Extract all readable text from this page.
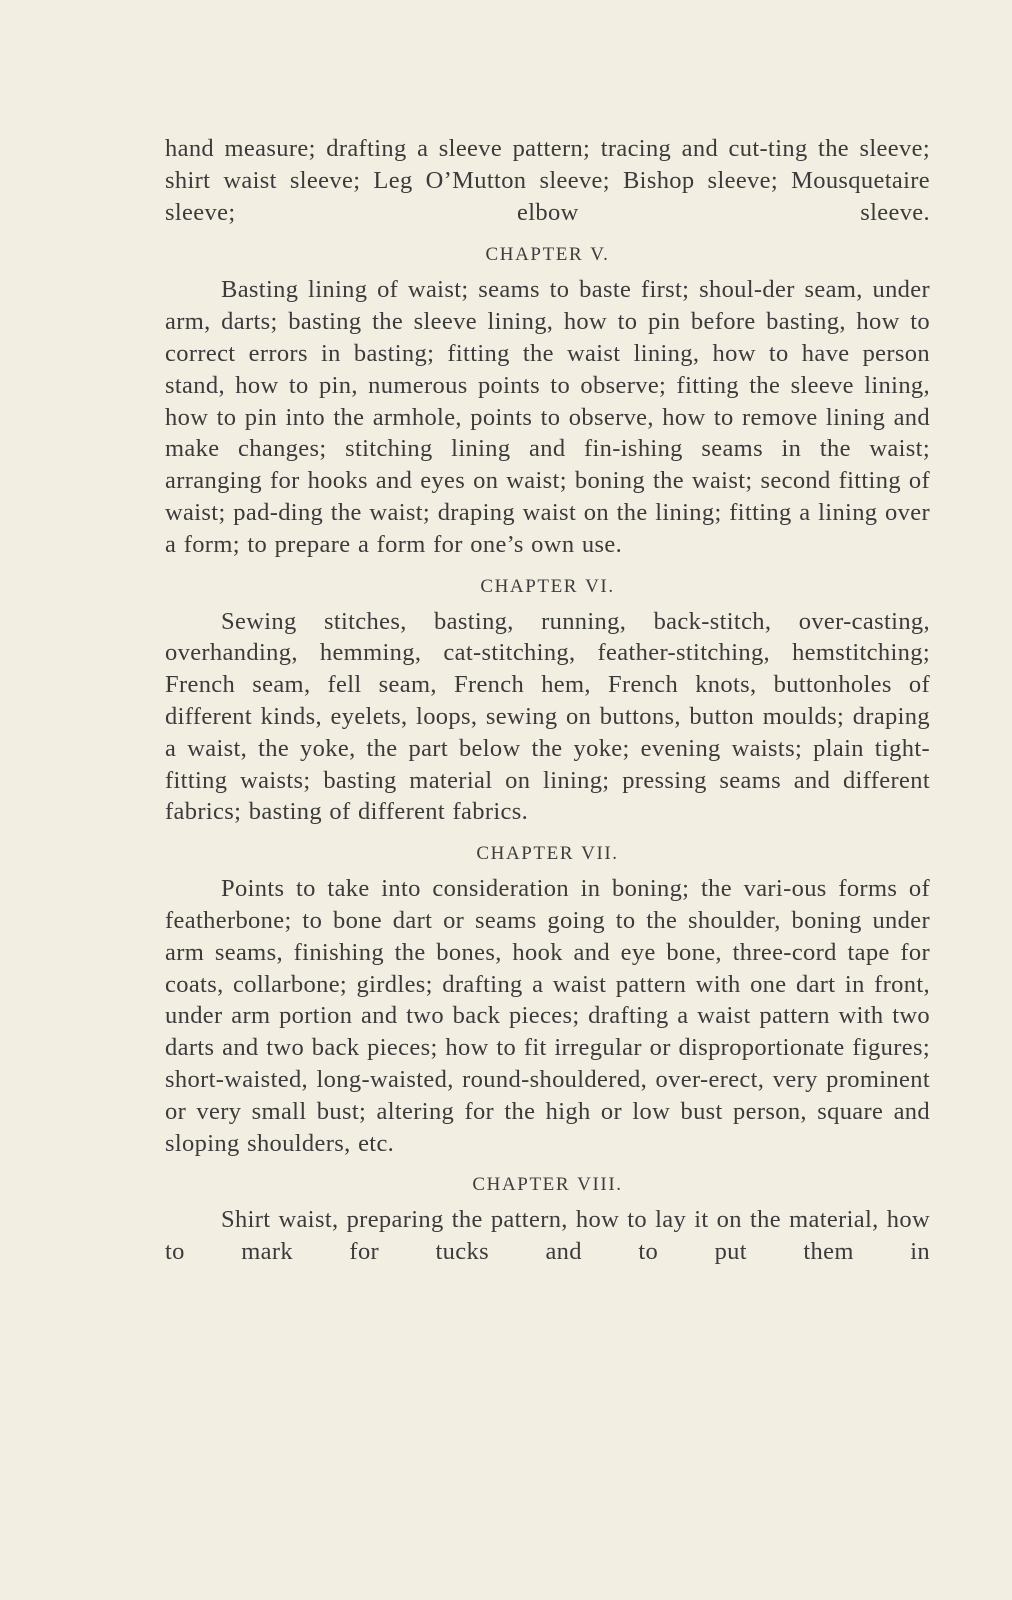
hand measure; drafting a sleeve pattern; tracing and cut-ting the sleeve; shirt waist sleeve; Leg O’Mutton sleeve; Bishop sleeve; Mousquetaire sleeve; elbow sleeve.

CHAPTER V.

Basting lining of waist; seams to baste first; shoul-der seam, under arm, darts; basting the sleeve lining, how to pin before basting, how to correct errors in basting; fitting the waist lining, how to have person stand, how to pin, numerous points to observe; fitting the sleeve lining, how to pin into the armhole, points to observe, how to remove lining and make changes; stitching lining and fin-ishing seams in the waist; arranging for hooks and eyes on waist; boning the waist; second fitting of waist; pad-ding the waist; draping waist on the lining; fitting a lining over a form; to prepare a form for one’s own use.

CHAPTER VI.

Sewing stitches, basting, running, back-stitch, over-casting, overhanding, hemming, cat-stitching, feather-stitching, hemstitching; French seam, fell seam, French hem, French knots, buttonholes of different kinds, eyelets, loops, sewing on buttons, button moulds; draping a waist, the yoke, the part below the yoke; evening waists; plain tight-fitting waists; basting material on lining; pressing seams and different fabrics; basting of different fabrics.

CHAPTER VII.

Points to take into consideration in boning; the vari-ous forms of featherbone; to bone dart or seams going to the shoulder, boning under arm seams, finishing the bones, hook and eye bone, three-cord tape for coats, collarbone; girdles; drafting a waist pattern with one dart in front, under arm portion and two back pieces; drafting a waist pattern with two darts and two back pieces; how to fit irregular or disproportionate figures; short-waisted, long-waisted, round-shouldered, over-erect, very prominent or very small bust; altering for the high or low bust person, square and sloping shoulders, etc.

CHAPTER VIII.

Shirt waist, preparing the pattern, how to lay it on the material, how to mark for tucks and to put them in
